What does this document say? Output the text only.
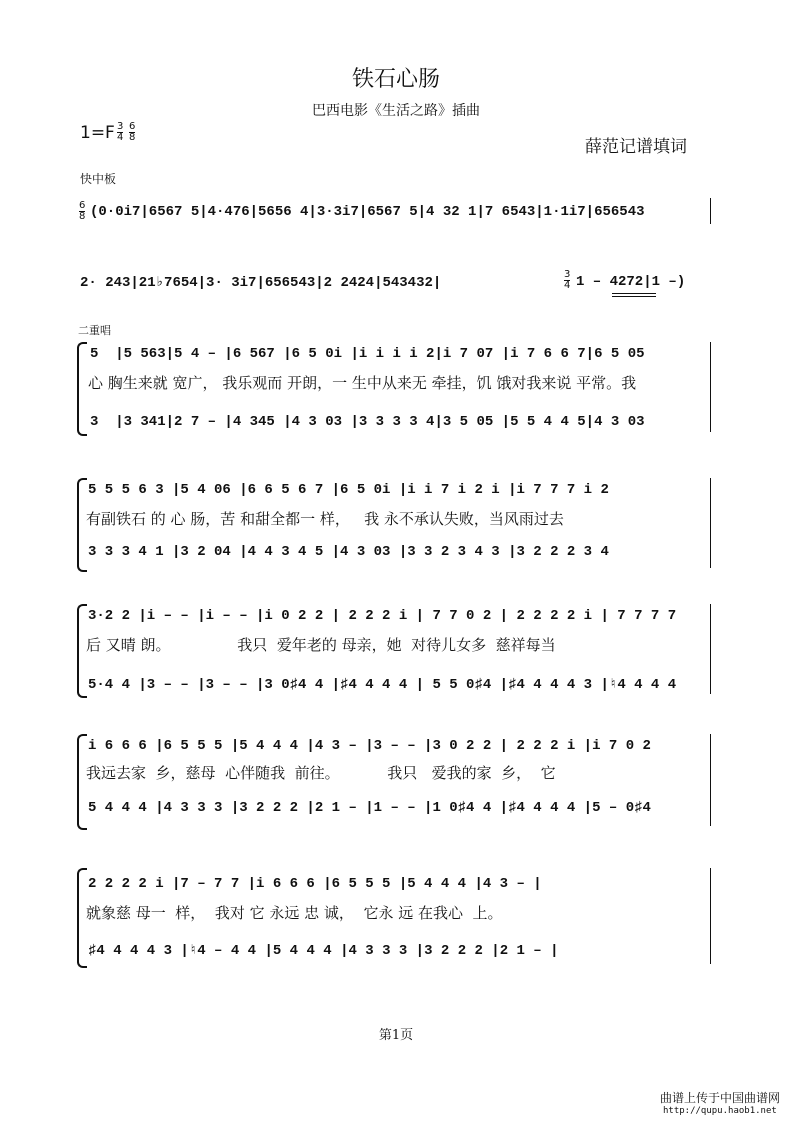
铁石心肠
巴西电影《生活之路》插曲
$1=F \frac{3}{4} \frac{6}{8}$
薛范记谱填词
快中板
$\frac{6}{8} (0\cdot 0i7|6567$ 5|4·476|5656 4|3·3i7|6567 5|4 32 1|7 6543|1·1i7|656543
2· 243|21♭7654|3· 3i7|656543|2 2424|543432|	$\frac{3}{4} 1 - 4272|1$ –)
二重唱
5  |5 563|5 4 – |6 567 |6 5 0i |i i i i 2|i 7 07 |i 7 6 6 7|6 5 05
心 胸生来就 宽广， 我乐观而 开朗，一 生中从来无 牵挂，饥 饿对我来说 平常。我
3  |3 341|2 7 – |4 345 |4 3 03 |3 3 3 3 4|3 5 05 |5 5 4 4 5|4 3 03
5 5 5 6 3 |5 4 06 |6 6 5 6 7 |6 5 0i |i i 7 i 2 i |i 7 7 7 i 2
有副铁石 的 心 肠，苦 和甜全都一 样，   我 永不承认失败，当风雨过去
3 3 3 4 1 |3 2 04 |4 4 3 4 5 |4 3 03 |3 3 2 3 4 3 |3 2 2 2 3 4
3·2 2 |i – – |i – – |i 0 2 2 | 2 2 2 i | 7 7 0 2 | 2 2 2 2 i | 7 7 7 7
后 又晴 朗。              我只  爱年老的 母亲，她  对待儿女多  慈祥每当
5·4 4 |3 – – |3 – – |3 0♯4 4 |♯4 4 4 4 | 5 5 0♯4 |♯4 4 4 4 3 |♮4 4 4 4
i 6 6 6 |6 5 5 5 |5 4 4 4 |4 3 – |3 – – |3 0 2 2 | 2 2 2 i |i 7 0 2
我远去家  乡，慈母  心伴随我  前往。          我只   爱我的家  乡，  它
5 4 4 4 |4 3 3 3 |3 2 2 2 |2 1 – |1 – – |1 0♯4 4 |♯4 4 4 4 |5 – 0♯4
2 2 2 2 i |7 – 7 7 |i 6 6 6 |6 5 5 5 |5 4 4 4 |4 3 – |
就象慈 母一  样，  我对 它 永远 忠 诚，  它永 远 在我心  上。
♯4 4 4 4 3 |♮4 – 4 4 |5 4 4 4 |4 3 3 3 |3 2 2 2 |2 1 – |
第1页
曲谱上传于中国曲谱网
http://qupu.haob1.net
